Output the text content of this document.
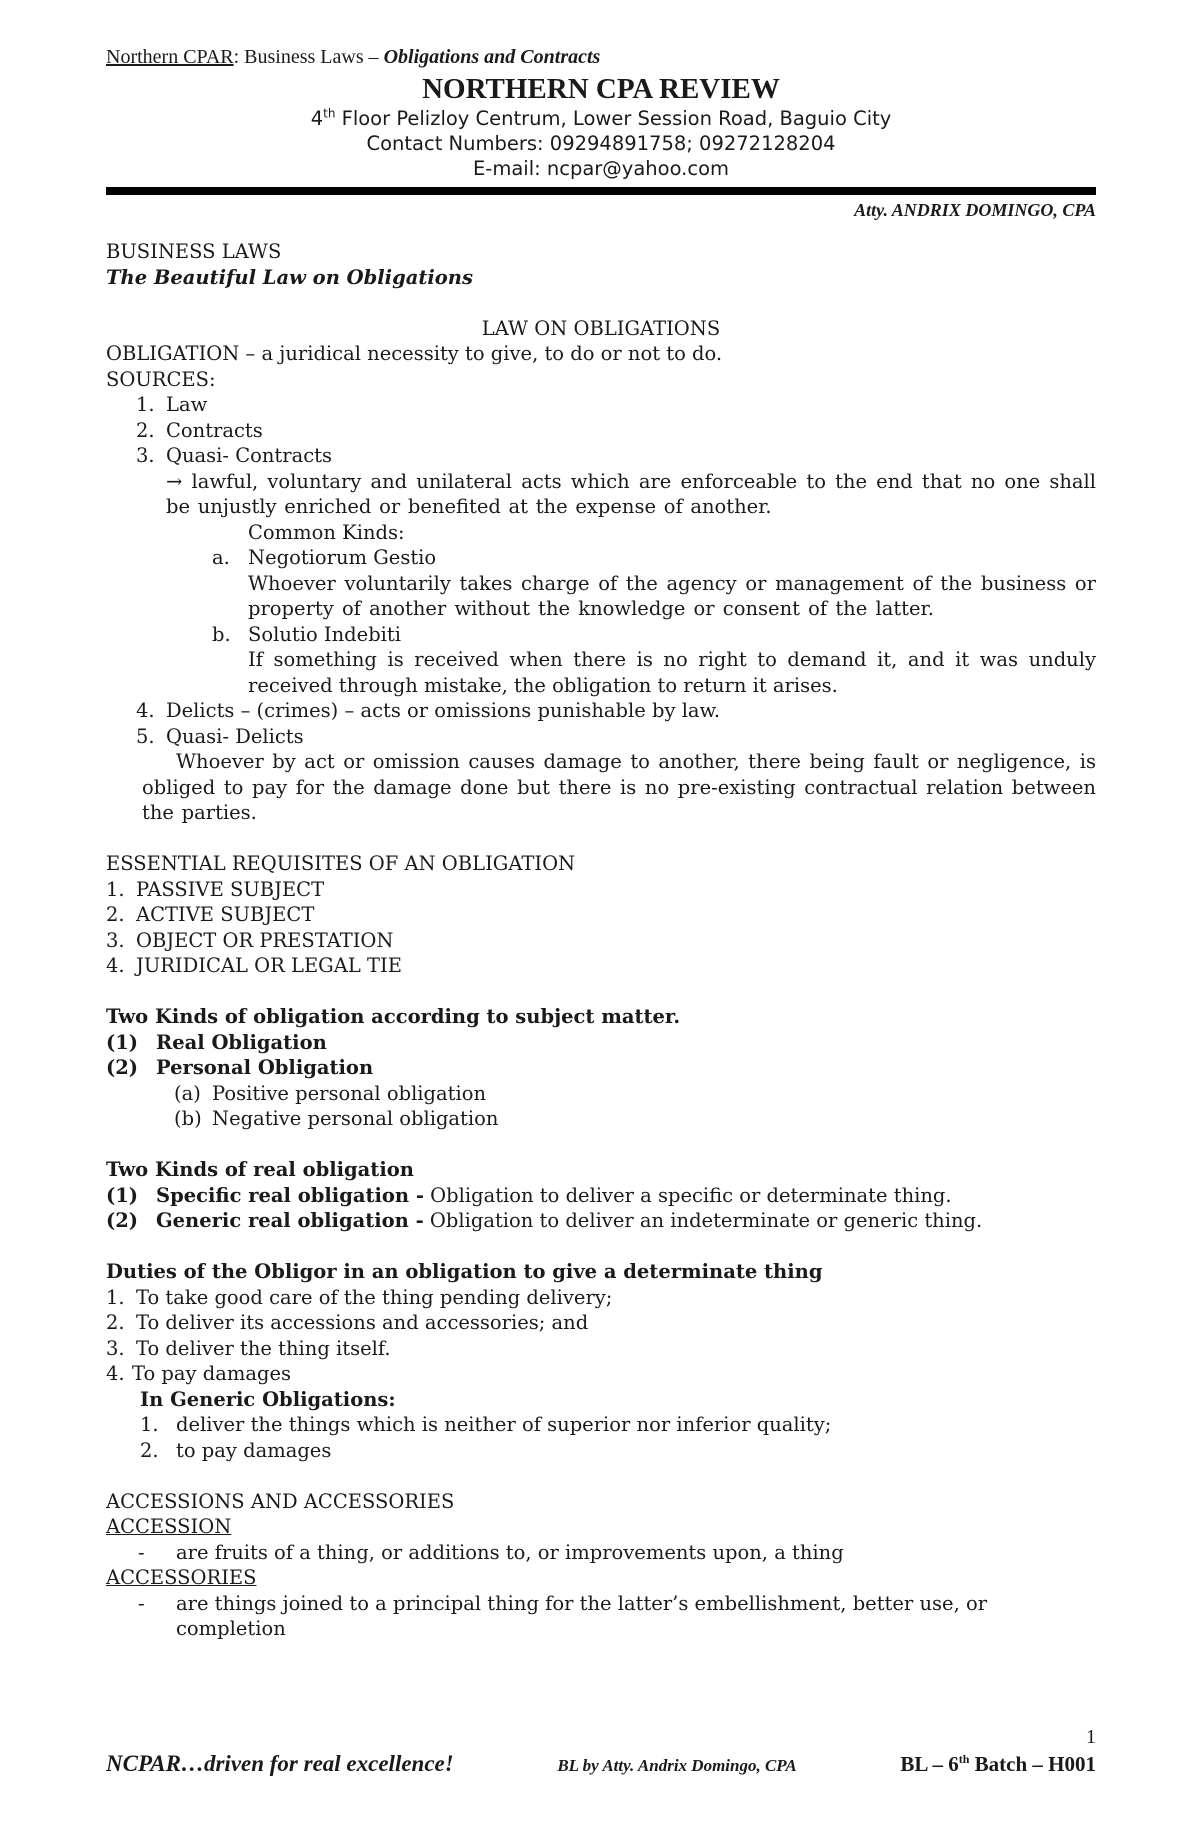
Northern CPAR: Business Laws – Obligations and Contracts
NORTHERN CPA REVIEW
4th Floor Pelizloy Centrum, Lower Session Road, Baguio City
Contact Numbers: 09294891758; 09272128204
E-mail: ncpar@yahoo.com
Atty. ANDRIX DOMINGO, CPA
BUSINESS LAWS
The Beautiful Law on Obligations
LAW ON OBLIGATIONS
OBLIGATION – a juridical necessity to give, to do or not to do.
SOURCES:
1. Law
2. Contracts
3. Quasi- Contracts
→ lawful, voluntary and unilateral acts which are enforceable to the end that no one shall be unjustly enriched or benefited at the expense of another.
Common Kinds:
a. Negotiorum Gestio
Whoever voluntarily takes charge of the agency or management of the business or property of another without the knowledge or consent of the latter.
b. Solutio Indebiti
If something is received when there is no right to demand it, and it was unduly received through mistake, the obligation to return it arises.
4. Delicts – (crimes) – acts or omissions punishable by law.
5. Quasi- Delicts
Whoever by act or omission causes damage to another, there being fault or negligence, is obliged to pay for the damage done but there is no pre-existing contractual relation between the parties.
ESSENTIAL REQUISITES OF AN OBLIGATION
1. PASSIVE SUBJECT
2. ACTIVE SUBJECT
3. OBJECT OR PRESTATION
4. JURIDICAL OR LEGAL TIE
Two Kinds of obligation according to subject matter.
(1) Real Obligation
(2) Personal Obligation
(a) Positive personal obligation
(b) Negative personal obligation
Two Kinds of real obligation
(1) Specific real obligation - Obligation to deliver a specific or determinate thing.
(2) Generic real obligation - Obligation to deliver an indeterminate or generic thing.
Duties of the Obligor in an obligation to give a determinate thing
1. To take good care of the thing pending delivery;
2. To deliver its accessions and accessories; and
3. To deliver the thing itself.
4. To pay damages
In Generic Obligations:
1. deliver the things which is neither of superior nor inferior quality;
2. to pay damages
ACCESSIONS AND ACCESSORIES
ACCESSION
-	are fruits of a thing, or additions to, or improvements upon, a thing
ACCESSORIES
-	are things joined to a principal thing for the latter’s embellishment, better use, or completion
1
NCPAR…driven for real excellence!	BL by Atty. Andrix Domingo, CPA	BL – 6th Batch – H001
